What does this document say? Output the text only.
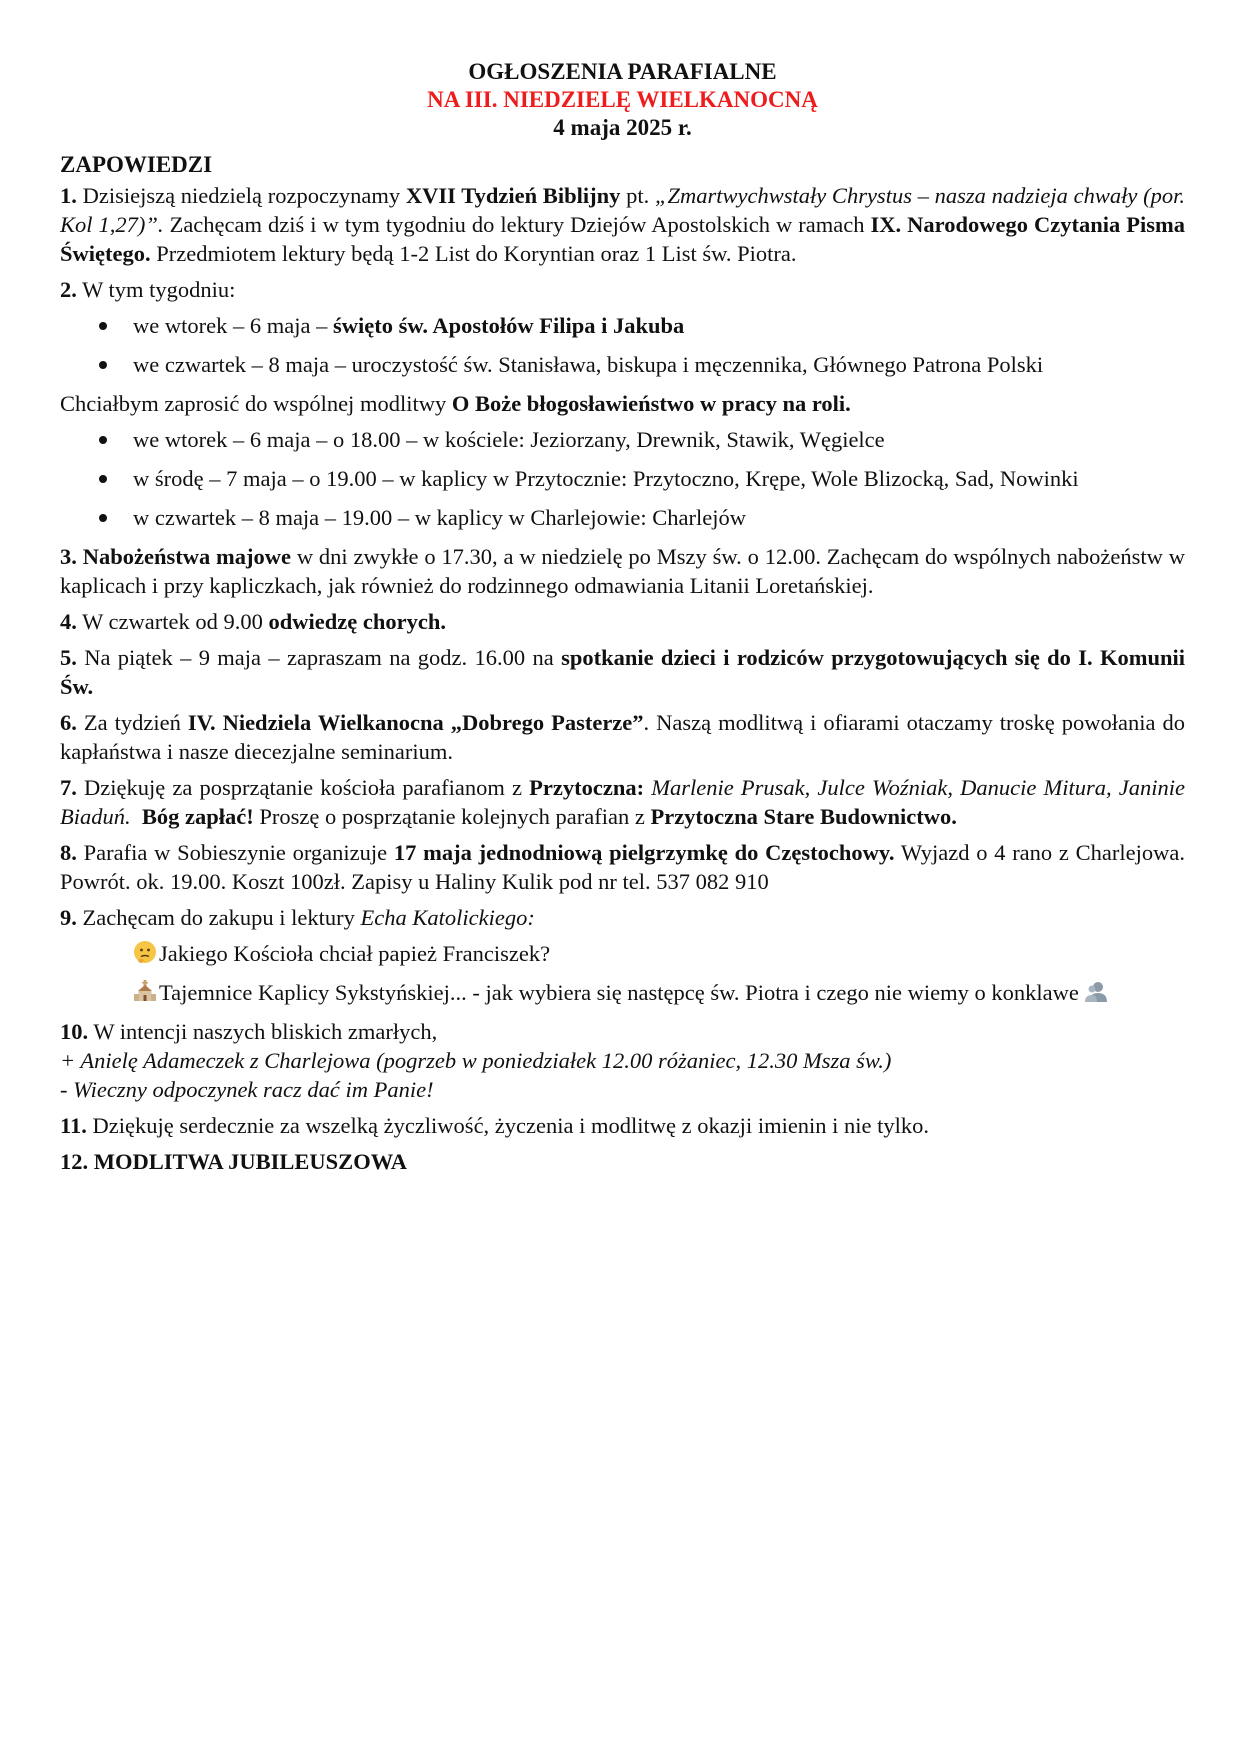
OGŁOSZENIA PARAFIALNE
NA III. NIEDZIELĘ WIELKANOCNĄ
4 maja 2025 r.
ZAPOWIEDZI

1. Dzisiejszą niedzielą rozpoczynamy XVII Tydzień Biblijny pt. „Zmartwychwstały Chrystus – nasza nadzieja chwały (por. Kol 1,27)”. Zachęcam dziś i w tym tygodniu do lektury Dziejów Apostolskich w ramach IX. Narodowego Czytania Pisma Świętego. Przedmiotem lektury będą 1-2 List do Koryntian oraz 1 List św. Piotra.

2. W tym tygodniu:

we wtorek – 6 maja – święto św. Apostołów Filipa i Jakuba
we czwartek – 8 maja – uroczystość św. Stanisława, biskupa i męczennika, Głównego Patrona Polski

Chciałbym zaprosić do wspólnej modlitwy O Boże błogosławieństwo w pracy na roli.

we wtorek – 6 maja – o 18.00 – w kościele: Jeziorzany, Drewnik, Stawik, Węgielce
w środę – 7 maja – o 19.00 – w kaplicy w Przytocznie: Przytoczno, Krępe, Wole Blizocką, Sad, Nowinki
w czwartek – 8 maja – 19.00 – w kaplicy w Charlejowie: Charlejów

3. Nabożeństwa majowe w dni zwykłe o 17.30, a w niedzielę po Mszy św. o 12.00. Zachęcam do wspólnych nabożeństw w kaplicach i przy kapliczkach, jak również do rodzinnego odmawiania Litanii Loretańskiej.

4. W czwartek od 9.00 odwiedzę chorych.

5. Na piątek – 9 maja – zapraszam na godz. 16.00 na spotkanie dzieci i rodziców przygotowujących się do I. Komunii Św.

6. Za tydzień IV. Niedziela Wielkanocna „Dobrego Pasterze”. Naszą modlitwą i ofiarami otaczamy troskę powołania do kapłaństwa i nasze diecezjalne seminarium.

7. Dziękuję za posprzątanie kościoła parafianom z Przytoczna: Marlenie Prusak, Julce Woźniak, Danucie Mitura, Janinie Biaduń.  Bóg zapłać! Proszę o posprzątanie kolejnych parafian z Przytoczna Stare Budownictwo.

8. Parafia w Sobieszynie organizuje 17 maja jednodniową pielgrzymkę do Częstochowy. Wyjazd o 4 rano z Charlejowa. Powrót. ok. 19.00. Koszt 100zł. Zapisy u Haliny Kulik pod nr tel. 537 082 910

9. Zachęcam do zakupu i lektury Echa Katolickiego:

Jakiego Kościoła chciał papież Franciszek?
Tajemnice Kaplicy Sykstyńskiej... - jak wybiera się następcę św. Piotra i czego nie wiemy o konklawe
10. W intencji naszych bliskich zmarłych,

+ Anielę Adameczek z Charlejowa (pogrzeb w poniedziałek 12.00 różaniec, 12.30 Msza św.)

- Wieczny odpoczynek racz dać im Panie!

11. Dziękuję serdecznie za wszelką życzliwość, życzenia i modlitwę z okazji imienin i nie tylko.

12. MODLITWA JUBILEUSZOWA
